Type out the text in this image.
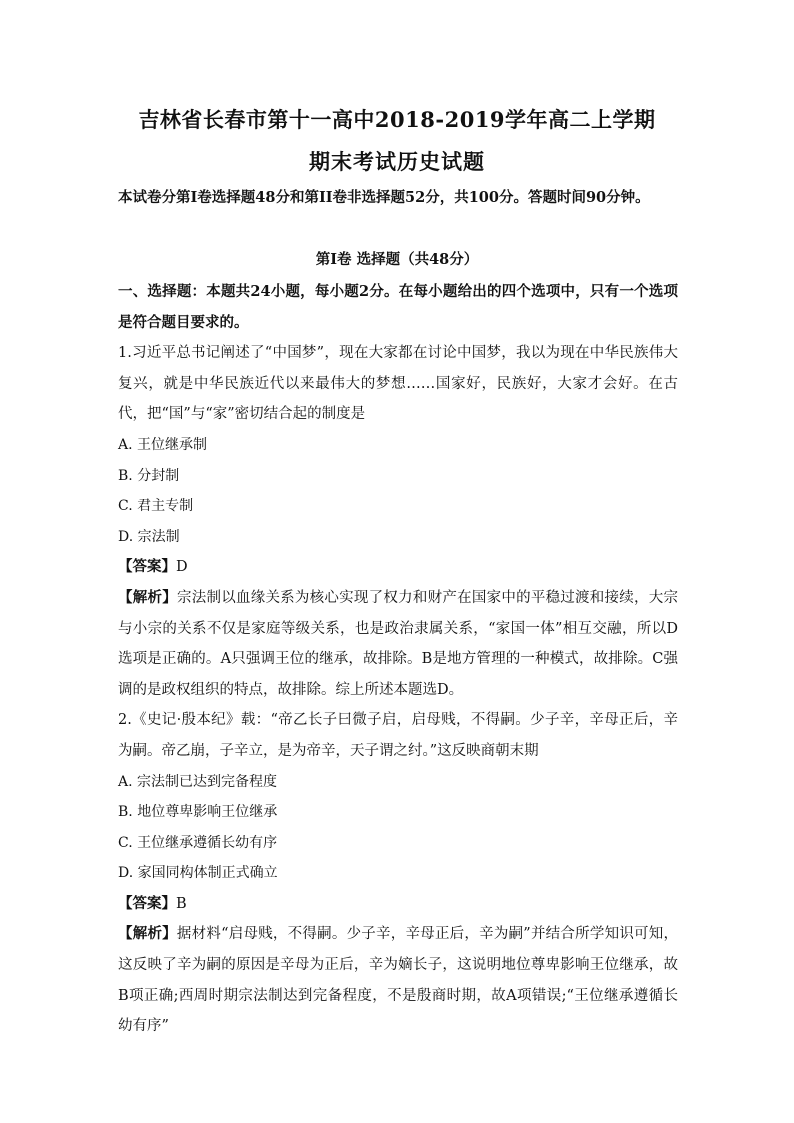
吉林省长春市第十一高中2018-2019学年高二上学期
期末考试历史试题
本试卷分第Ⅰ卷选择题48分和第II卷非选择题52分，共100分。答题时间90分钟。
第Ⅰ卷 选择题（共48分）

一、选择题：本题共24小题，每小题2分。在每小题给出的四个选项中，只有一个选项是符合题目要求的。

1.习近平总书记阐述了“中国梦”，现在大家都在讨论中国梦，我以为现在中华民族伟大复兴，就是中华民族近代以来最伟大的梦想……国家好，民族好，大家才会好。在古代，把“国”与“家”密切结合起的制度是

A. 王位继承制

B. 分封制

C. 君主专制

D. 宗法制

【答案】D

【解析】宗法制以血缘关系为核心实现了权力和财产在国家中的平稳过渡和接续，大宗与小宗的关系不仅是家庭等级关系，也是政治隶属关系，“家国一体”相互交融，所以D选项是正确的。A只强调王位的继承，故排除。B是地方管理的一种模式，故排除。C强调的是政权组织的特点，故排除。综上所述本题选D。

2.《史记·殷本纪》载：“帝乙长子曰微子启，启母贱，不得嗣。少子辛，辛母正后，辛为嗣。帝乙崩，子辛立，是为帝辛，天子谓之纣。”这反映商朝末期

A. 宗法制已达到完备程度

B. 地位尊卑影响王位继承

C. 王位继承遵循长幼有序

D. 家国同构体制正式确立

【答案】B

【解析】据材料“启母贱，不得嗣。少子辛，辛母正后，辛为嗣”并结合所学知识可知，这反映了辛为嗣的原因是辛母为正后，辛为嫡长子，这说明地位尊卑影响王位继承，故B项正确;西周时期宗法制达到完备程度，不是殷商时期，故A项错误;“王位继承遵循长幼有序”
